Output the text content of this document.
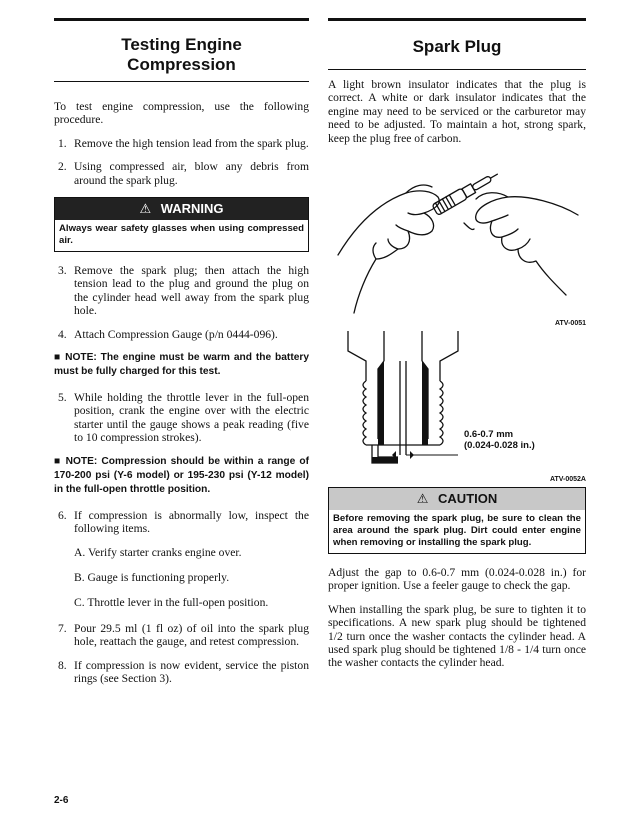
Testing Engine
Compression

To test engine compression, use the following procedure.

1. Remove the high tension lead from the spark plug.
2. Using compressed air, blow any debris from around the spark plug.
⚠ WARNING
Always wear safety glasses when using compressed air.
3. Remove the spark plug; then attach the high tension lead to the plug and ground the plug on the cylinder head well away from the spark plug hole.
4. Attach Compression Gauge (p/n 0444-096).
■ NOTE: The engine must be warm and the battery must be fully charged for this test.
5. While holding the throttle lever in the full-open position, crank the engine over with the electric starter until the gauge shows a peak reading (five to 10 compression strokes).
■ NOTE: Compression should be within a range of 170-200 psi (Y-6 model) or 195-230 psi (Y-12 model) in the full-open throttle position.
6. If compression is abnormally low, inspect the following items.
A. Verify starter cranks engine over.
B. Gauge is functioning properly.
C. Throttle lever in the full-open position.
7. Pour 29.5 ml (1 fl oz) of oil into the spark plug hole, reattach the gauge, and retest compression.
8. If compression is now evident, service the piston rings (see Section 3).
Spark Plug

A light brown insulator indicates that the plug is correct. A white or dark insulator indicates that the engine may need to be serviced or the carburetor may need to be adjusted. To maintain a hot, strong spark, keep the plug free of carbon.

ATV-0051
0.6-0.7 mm
(0.024-0.028 in.)
ATV-0052A
⚠ CAUTION
Before removing the spark plug, be sure to clean the area around the spark plug. Dirt could enter engine when removing or installing the spark plug.

Adjust the gap to 0.6-0.7 mm (0.024-0.028 in.) for proper ignition. Use a feeler gauge to check the gap.

When installing the spark plug, be sure to tighten it to specifications. A new spark plug should be tightened 1/2 turn once the washer contacts the cylinder head. A used spark plug should be tightened 1/8 - 1/4 turn once the washer contacts the cylinder head.

2-6
